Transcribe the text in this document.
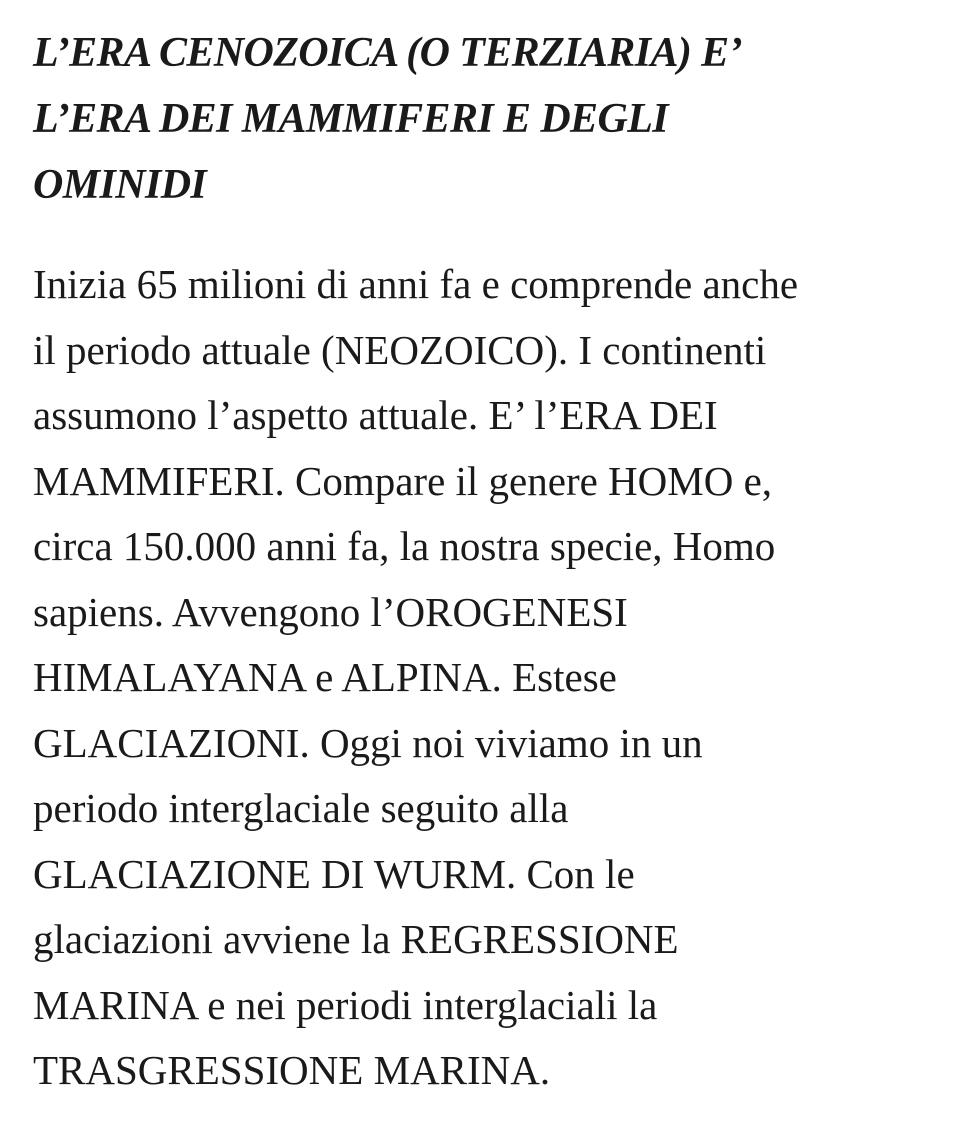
L’ERA CENOZOICA (O TERZIARIA) E’
L’ERA DEI MAMMIFERI E DEGLI
OMINIDI

Inizia 65 milioni di anni fa e comprende anche
il periodo attuale (NEOZOICO). I continenti
assumono l’aspetto attuale. E’ l’ERA DEI
MAMMIFERI. Compare il genere HOMO e,
circa 150.000 anni fa, la nostra specie, Homo
sapiens. Avvengono l’OROGENESI
HIMALAYANA e ALPINA. Estese
GLACIAZIONI. Oggi noi viviamo in un
periodo interglaciale seguito alla
GLACIAZIONE DI WURM. Con le
glaciazioni avviene la REGRESSIONE
MARINA e nei periodi interglaciali la
TRASGRESSIONE MARINA.
